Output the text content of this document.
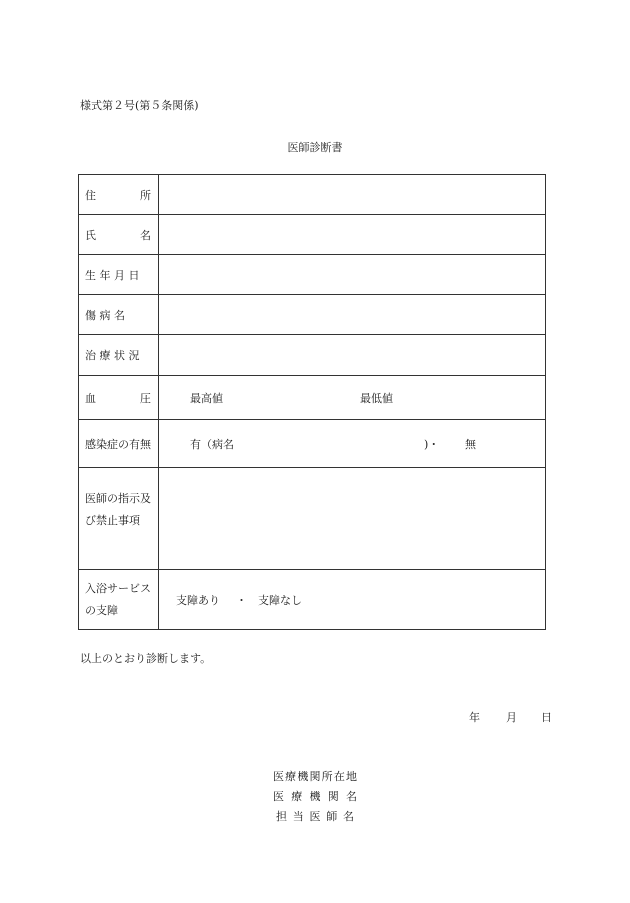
様式第２号(第５条関係)
医師診断書
住 所	

氏 名	

生 年 月 日	
傷 病 名	
治 療 状 況	

血 圧	最高値 最低値

感染症の有無	有（病名 )・ 無

医師の指示及び禁止事項	

入浴サービスの支障	支障あり ・ 支障なし
以上のとおり診断します。
年 月 日
医療機関所在地
医療機関名
担当医師名
